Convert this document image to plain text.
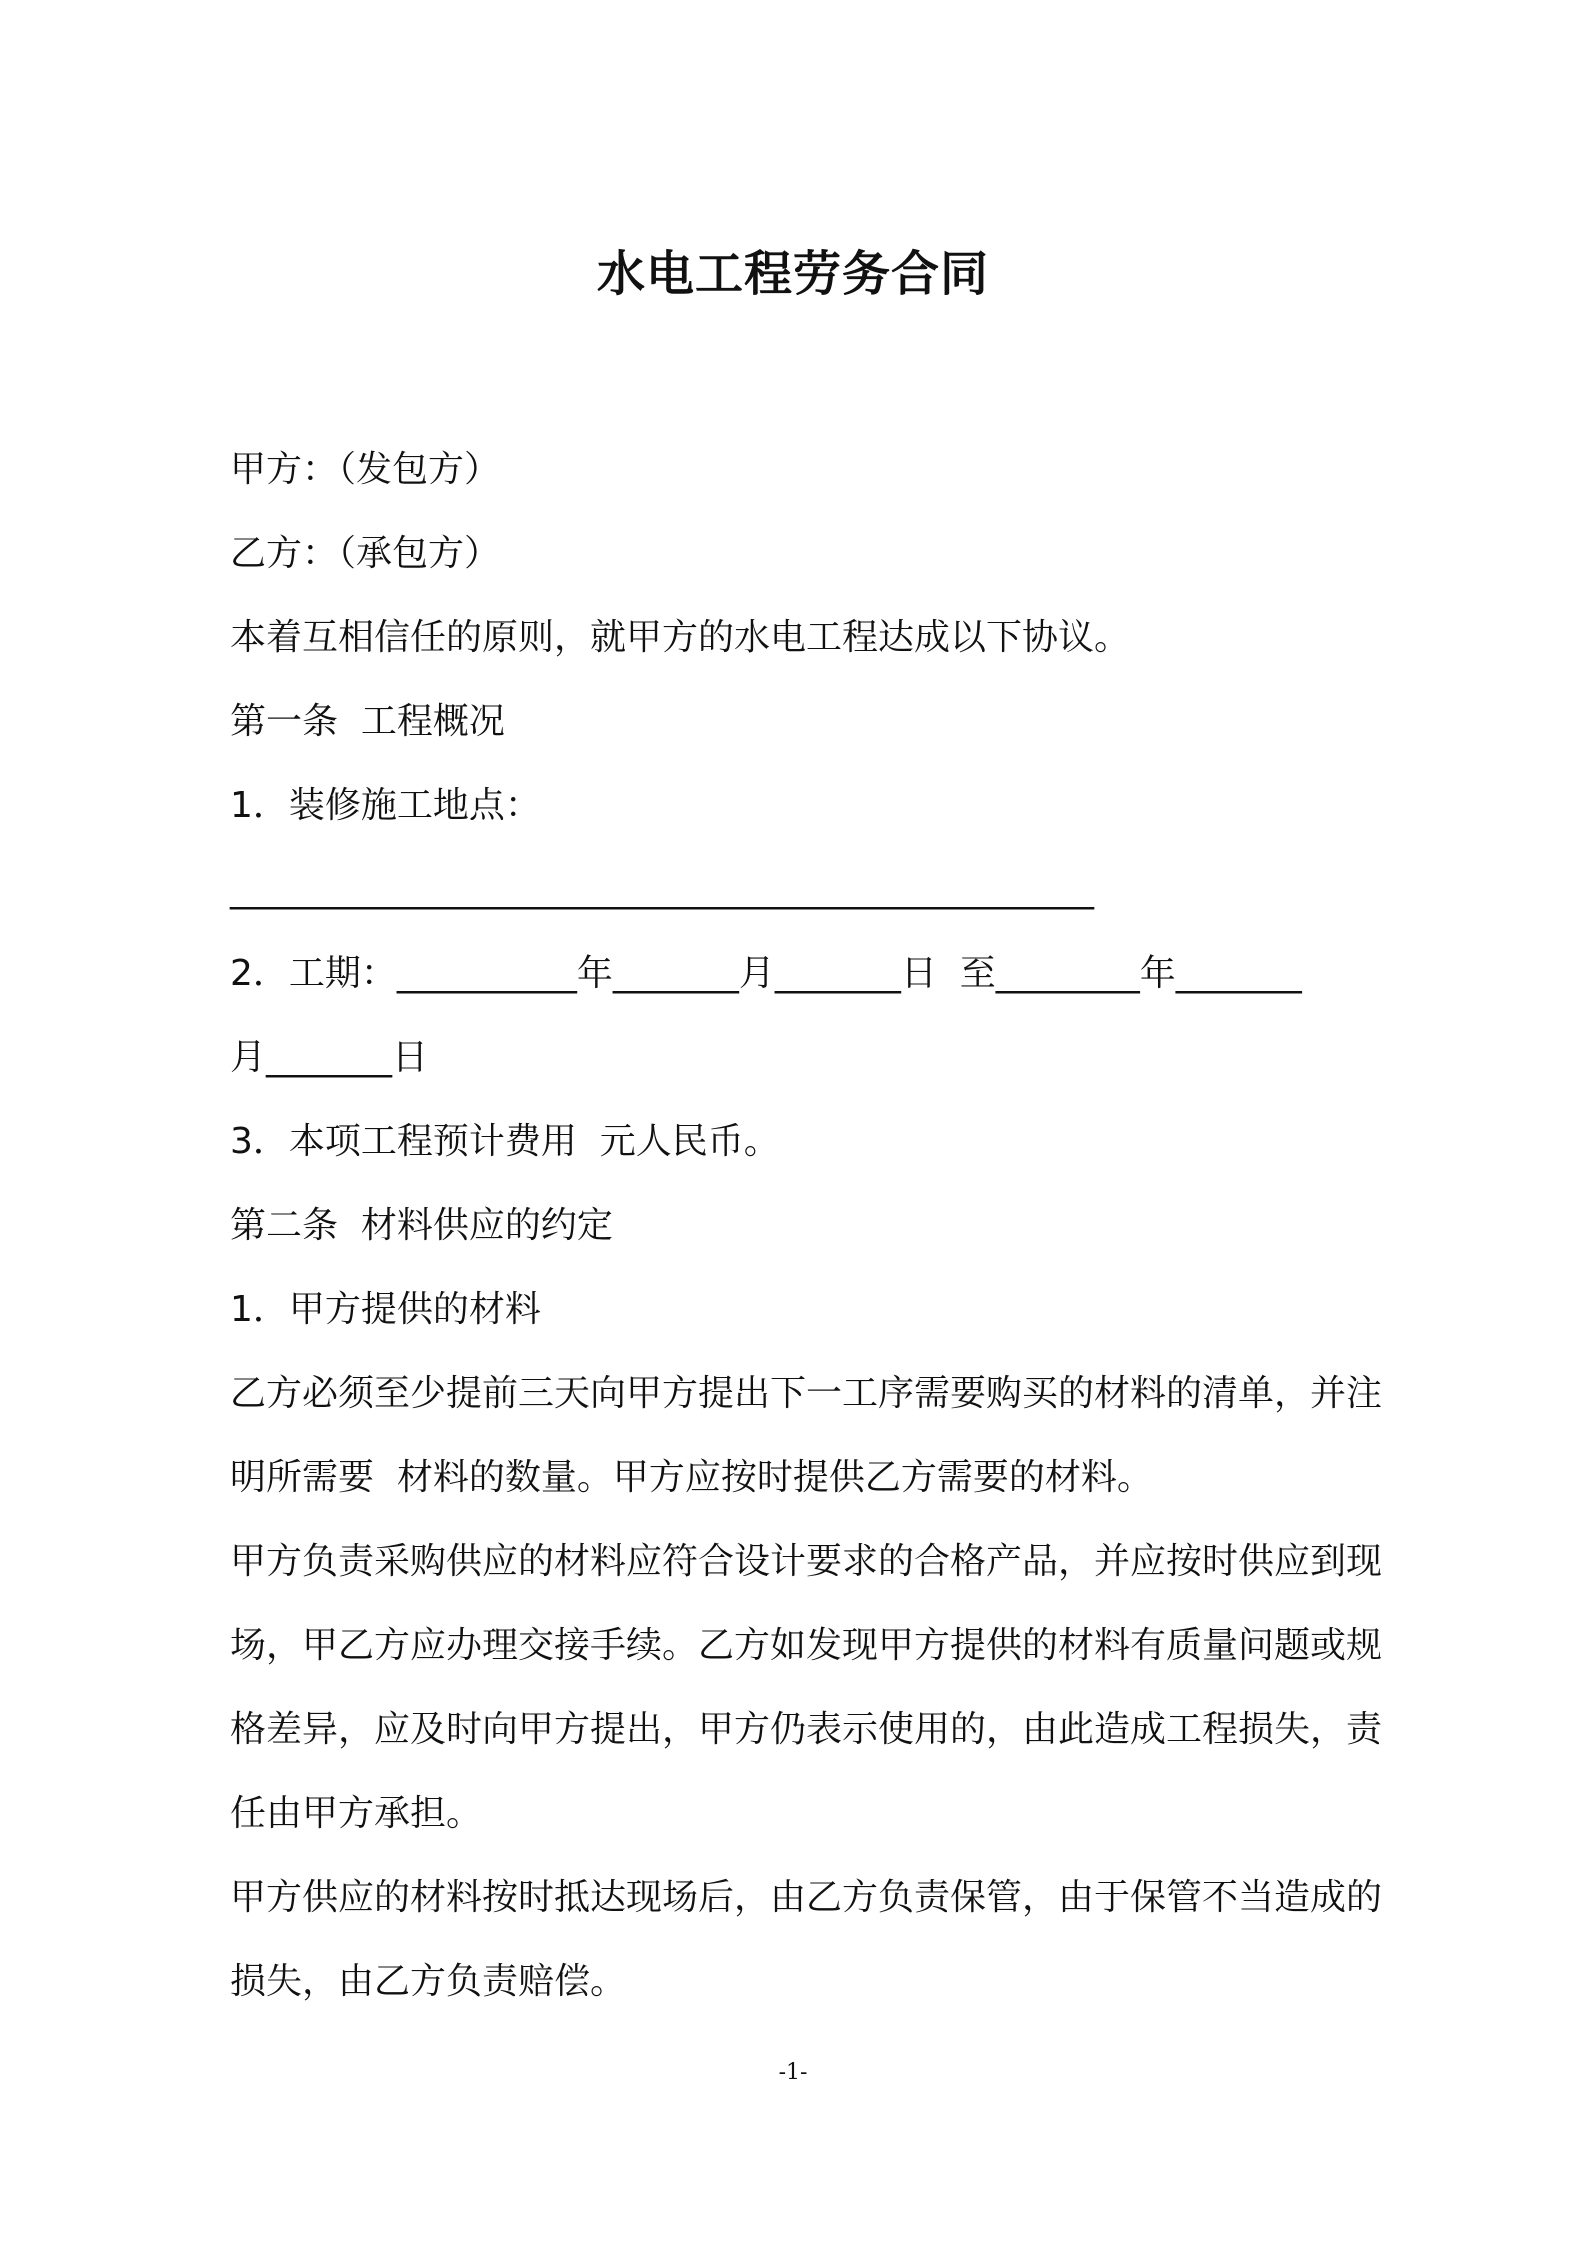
水电工程劳务合同

甲方：（发包方）

乙方：（承包方）

本着互相信任的原则，就甲方的水电工程达成以下协议。

第一条  工程概况

1．装修施工地点：

________________________________________________

2．工期：__________年_______月_______日  至________年_______

月_______日

3．本项工程预计费用  元人民币。

第二条  材料供应的约定

1．甲方提供的材料

乙方必须至少提前三天向甲方提出下一工序需要购买的材料的清单，并注

明所需要  材料的数量。甲方应按时提供乙方需要的材料。

甲方负责采购供应的材料应符合设计要求的合格产品，并应按时供应到现

场，甲乙方应办理交接手续。乙方如发现甲方提供的材料有质量问题或规

格差异，应及时向甲方提出，甲方仍表示使用的，由此造成工程损失，责

任由甲方承担。

甲方供应的材料按时抵达现场后，由乙方负责保管，由于保管不当造成的

损失，由乙方负责赔偿。

-1-
